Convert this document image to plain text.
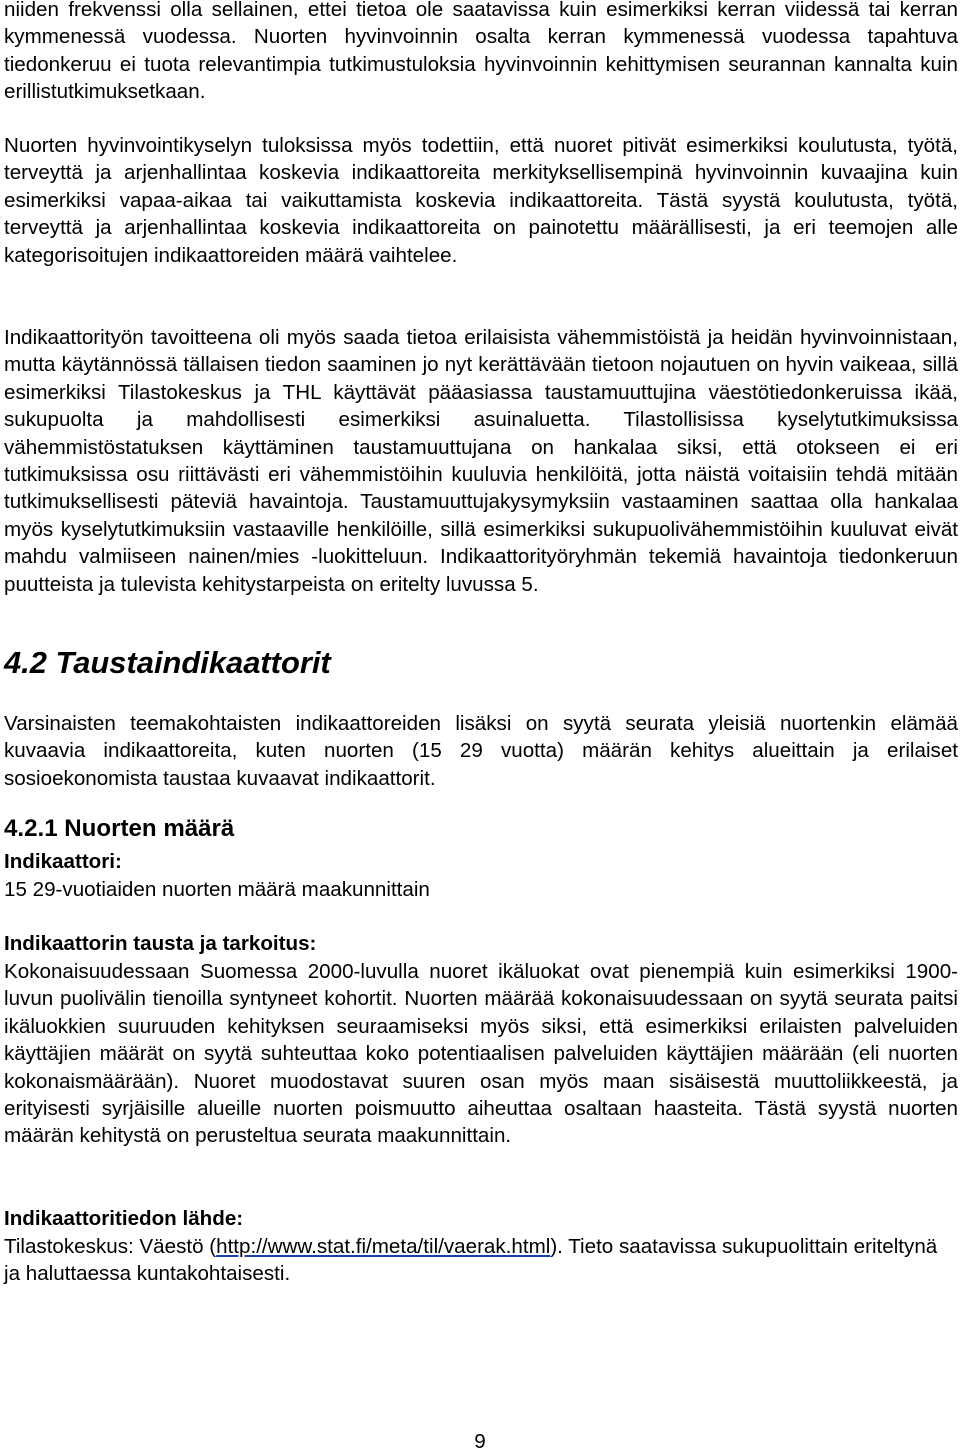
niiden frekvenssi olla sellainen, ettei tietoa ole saatavissa kuin esimerkiksi kerran viidessä tai kerran kymmenessä vuodessa. Nuorten hyvinvoinnin osalta kerran kymmenessä vuodessa tapahtuva tiedonkeruu ei tuota relevantimpia tutkimustuloksia hyvinvoinnin kehittymisen seurannan kannalta kuin erillistutkimuksetkaan.

Nuorten hyvinvointikyselyn tuloksissa myös todettiin, että nuoret pitivät esimerkiksi koulutusta, työtä, terveyttä ja arjenhallintaa koskevia indikaattoreita merkityksellisempinä hyvinvoinnin kuvaajina kuin esimerkiksi vapaa-aikaa tai vaikuttamista koskevia indikaattoreita. Tästä syystä koulutusta, työtä, terveyttä ja arjenhallintaa koskevia indikaattoreita on painotettu määrällisesti, ja eri teemojen alle kategorisoitujen indikaattoreiden määrä vaihtelee.

Indikaattorityön tavoitteena oli myös saada tietoa erilaisista vähemmistöistä ja heidän hyvinvoinnistaan, mutta käytännössä tällaisen tiedon saaminen jo nyt kerättävään tietoon nojautuen on hyvin vaikeaa, sillä esimerkiksi Tilastokeskus ja THL käyttävät pääasiassa taustamuuttujina väestötiedonkeruissa ikää, sukupuolta ja mahdollisesti esimerkiksi asuinaluetta. Tilastollisissa kyselytutkimuksissa vähemmistöstatuksen käyttäminen taustamuuttujana on hankalaa siksi, että otokseen ei eri tutkimuksissa osu riittävästi eri vähemmistöihin kuuluvia henkilöitä, jotta näistä voitaisiin tehdä mitään tutkimuksellisesti päteviä havaintoja. Taustamuuttujakysymyksiin vastaaminen saattaa olla hankalaa myös kyselytutkimuksiin vastaaville henkilöille, sillä esimerkiksi sukupuolivähemmistöihin kuuluvat eivät mahdu valmiiseen nainen/mies -luokitteluun. Indikaattorityöryhmän tekemiä havaintoja tiedonkeruun puutteista ja tulevista kehitystarpeista on eritelty luvussa 5.

4.2 Taustaindikaattorit

Varsinaisten teemakohtaisten indikaattoreiden lisäksi on syytä seurata yleisiä nuortenkin elämää kuvaavia indikaattoreita, kuten nuorten (15 29 vuotta) määrän kehitys alueittain ja erilaiset sosioekonomista taustaa kuvaavat indikaattorit.

4.2.1 Nuorten määrä

Indikaattori:

15 29-vuotiaiden nuorten määrä maakunnittain

Indikaattorin tausta ja tarkoitus:

Kokonaisuudessaan Suomessa 2000-luvulla nuoret ikäluokat ovat pienempiä kuin esimerkiksi 1900-luvun puolivälin tienoilla syntyneet kohortit. Nuorten määrää kokonaisuudessaan on syytä seurata paitsi ikäluokkien suuruuden kehityksen seuraamiseksi myös siksi, että esimerkiksi erilaisten palveluiden käyttäjien määrät on syytä suhteuttaa koko potentiaalisen palveluiden käyttäjien määrään (eli nuorten kokonaismäärään). Nuoret muodostavat suuren osan myös maan sisäisestä muuttoliikkeestä, ja erityisesti syrjäisille alueille nuorten poismuutto aiheuttaa osaltaan haasteita. Tästä syystä nuorten määrän kehitystä on perusteltua seurata maakunnittain.

Indikaattoritiedon lähde:

Tilastokeskus: Väestö (http://www.stat.fi/meta/til/vaerak.html). Tieto saatavissa sukupuolittain eriteltynä ja haluttaessa kuntakohtaisesti.

9
